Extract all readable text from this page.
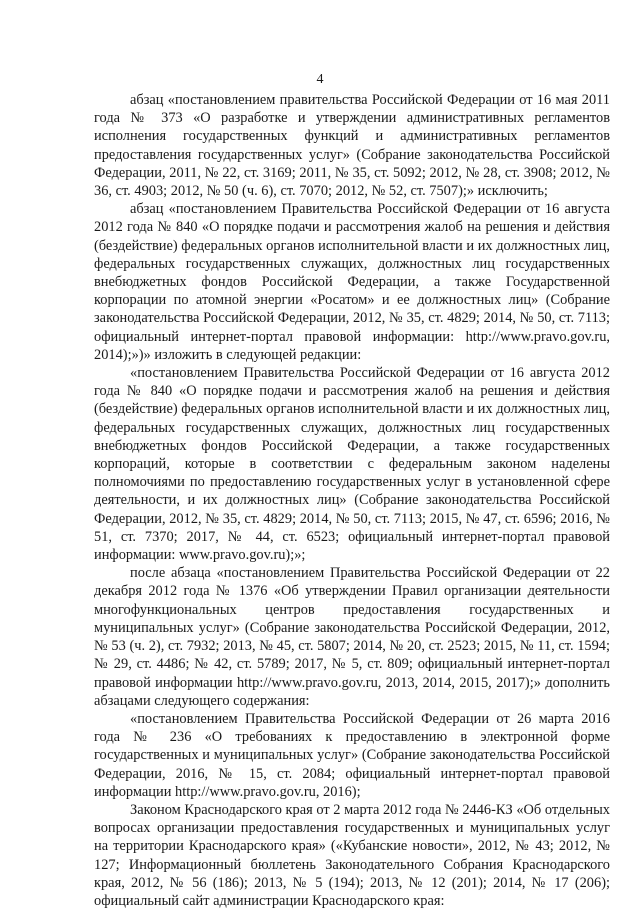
4

абзац «постановлением правительства Российской Федерации от 16 мая 2011 года № 373 «О разработке и утверждении административных регламентов исполнения государственных функций и административных регламентов предоставления государственных услуг» (Собрание законодательства Российской Федерации, 2011, № 22, ст. 3169; 2011, № 35, ст. 5092; 2012, № 28, ст. 3908; 2012, № 36, ст. 4903; 2012, № 50 (ч. 6), ст. 7070; 2012, № 52, ст. 7507);» исключить;

абзац «постановлением Правительства Российской Федерации от 16 августа 2012 года № 840 «О порядке подачи и рассмотрения жалоб на решения и действия (бездействие) федеральных органов исполнительной власти и их должностных лиц, федеральных государственных служащих, должностных лиц государственных внебюджетных фондов Российской Федерации, а также Государственной корпорации по атомной энергии «Росатом» и ее должностных лиц» (Собрание законодательства Российской Федерации, 2012, № 35, ст. 4829; 2014, № 50, ст. 7113; официальный интернет-портал правовой информации: http://www.pravo.gov.ru, 2014);»)» изложить в следующей редакции:

«постановлением Правительства Российской Федерации от 16 августа 2012 года № 840 «О порядке подачи и рассмотрения жалоб на решения и действия (бездействие) федеральных органов исполнительной власти и их должностных лиц, федеральных государственных служащих, должностных лиц государственных внебюджетных фондов Российской Федерации, а также государственных корпораций, которые в соответствии с федеральным законом наделены полномочиями по предоставлению государственных услуг в установленной сфере деятельности, и их должностных лиц» (Собрание законодательства Российской Федерации, 2012, № 35, ст. 4829; 2014, № 50, ст. 7113; 2015, № 47, ст. 6596; 2016, № 51, ст. 7370; 2017, № 44, ст. 6523; официальный интернет-портал правовой информации: www.pravo.gov.ru);»;

после абзаца «постановлением Правительства Российской Федерации от 22 декабря 2012 года № 1376 «Об утверждении Правил организации деятельности многофункциональных центров предоставления государственных и муниципальных услуг» (Собрание законодательства Российской Федерации, 2012, № 53 (ч. 2), ст. 7932; 2013, № 45, ст. 5807; 2014, № 20, ст. 2523; 2015, № 11, ст. 1594; № 29, ст. 4486; № 42, ст. 5789; 2017, № 5, ст. 809; официальный интернет-портал правовой информации http://www.pravo.gov.ru, 2013, 2014, 2015, 2017);» дополнить абзацами следующего содержания:

«постановлением Правительства Российской Федерации от 26 марта 2016 года № 236 «О требованиях к предоставлению в электронной форме государственных и муниципальных услуг» (Собрание законодательства Российской Федерации, 2016, № 15, ст. 2084; официальный интернет-портал правовой информации http://www.pravo.gov.ru, 2016);

Законом Краснодарского края от 2 марта 2012 года № 2446-КЗ «Об отдельных вопросах организации предоставления государственных и муниципальных услуг на территории Краснодарского края» («Кубанские новости», 2012, № 43; 2012, № 127; Информационный бюллетень Законодательного Собрания Краснодарского края, 2012, № 56 (186); 2013, № 5 (194); 2013, № 12 (201); 2014, № 17 (206); официальный сайт администрации Краснодарского края:
